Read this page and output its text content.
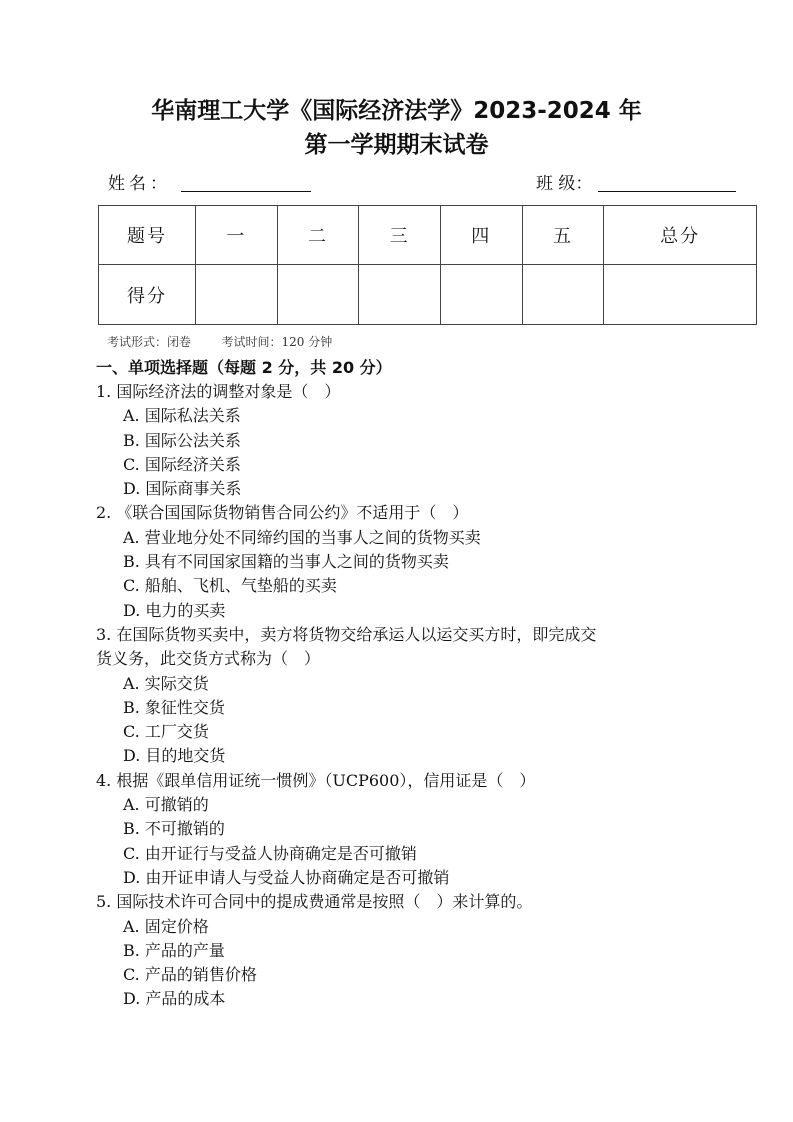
华南理工大学《国际经济法学》2023-2024 年
第一学期期末试卷
姓名：	班 级：
题号	一	二	三	四	五	总分
得分						
考试形式：闭卷	考试时间：120 分钟
一、单项选择题（每题 2 分，共 20 分）

1. 国际经济法的调整对象是（　）

A. 国际私法关系

B. 国际公法关系

C. 国际经济关系

D. 国际商事关系

2. 《联合国国际货物销售合同公约》不适用于（　）

A. 营业地分处不同缔约国的当事人之间的货物买卖

B. 具有不同国家国籍的当事人之间的货物买卖

C. 船舶、飞机、气垫船的买卖

D. 电力的买卖

3. 在国际货物买卖中，卖方将货物交给承运人以运交买方时，即完成交

货义务，此交货方式称为（　）

A. 实际交货

B. 象征性交货

C. 工厂交货

D. 目的地交货

4. 根据《跟单信用证统一惯例》（UCP600），信用证是（　）

A. 可撤销的

B. 不可撤销的

C. 由开证行与受益人协商确定是否可撤销

D. 由开证申请人与受益人协商确定是否可撤销

5. 国际技术许可合同中的提成费通常是按照（　）来计算的。

A. 固定价格

B. 产品的产量

C. 产品的销售价格

D. 产品的成本
